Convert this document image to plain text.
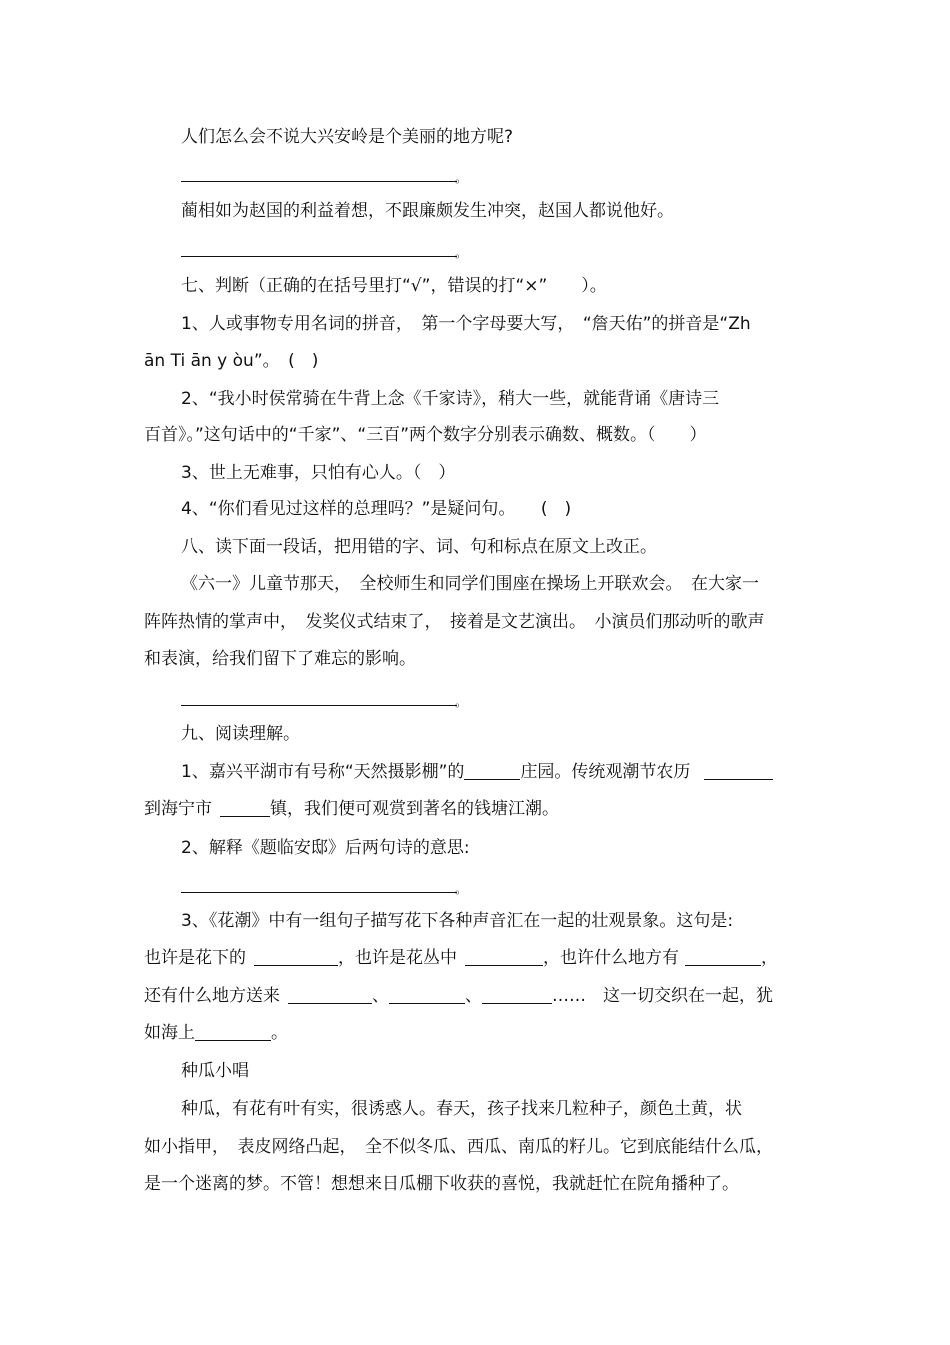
人们怎么会不说大兴安岭是个美丽的地方呢?
。
蔺相如为赵国的利益着想，不跟廉颇发生冲突，赵国人都说他好。
。
七、判断（正确的在括号里打“√”，错误的打“×”　　）。
1、人或事物专用名词的拼音，　第一个字母要大写，　“詹天佑”的拼音是“Zh
ān Ti ān y òu”。　(　)
2、“我小时侯常骑在牛背上念《千家诗》，稍大一些，就能背诵《唐诗三
百首》。”这句话中的“千家”、“三百”两个数字分别表示确数、概数。（　　）
3、世上无难事，只怕有心人。（　）
4、“你们看见过这样的总理吗？”是疑问句。　　(　)
八、读下面一段话，把用错的字、词、句和标点在原文上改正。
《六一》儿童节那天，　全校师生和同学们围座在操场上开联欢会。　在大家一
阵阵热情的掌声中，　发奖仪式结束了，　接着是文艺演出。　小演员们那动听的歌声
和表演，给我们留下了难忘的影响。
。
九、阅读理解。
1、嘉兴平湖市有号称“天然摄影棚”的	庄园。传统观潮节农历
到海宁市	镇，我们便可观赏到著名的钱塘江潮。
2、解释《题临安邸》后两句诗的意思:
。
3、《花潮》中有一组句子描写花下各种声音汇在一起的壮观景象。这句是:
也许是花下的	，也许是花丛中	，也许什么地方有	，
还有什么地方送来	、	、	……　这一切交织在一起，犹
如海上	。
种瓜小唱
种瓜，有花有叶有实，很诱惑人。春天，孩子找来几粒种子，颜色土黄，状
如小指甲，　表皮网络凸起，　全不似冬瓜、西瓜、南瓜的籽儿。它到底能结什么瓜，
是一个迷离的梦。不管！想想来日瓜棚下收获的喜悦，我就赶忙在院角播种了。
